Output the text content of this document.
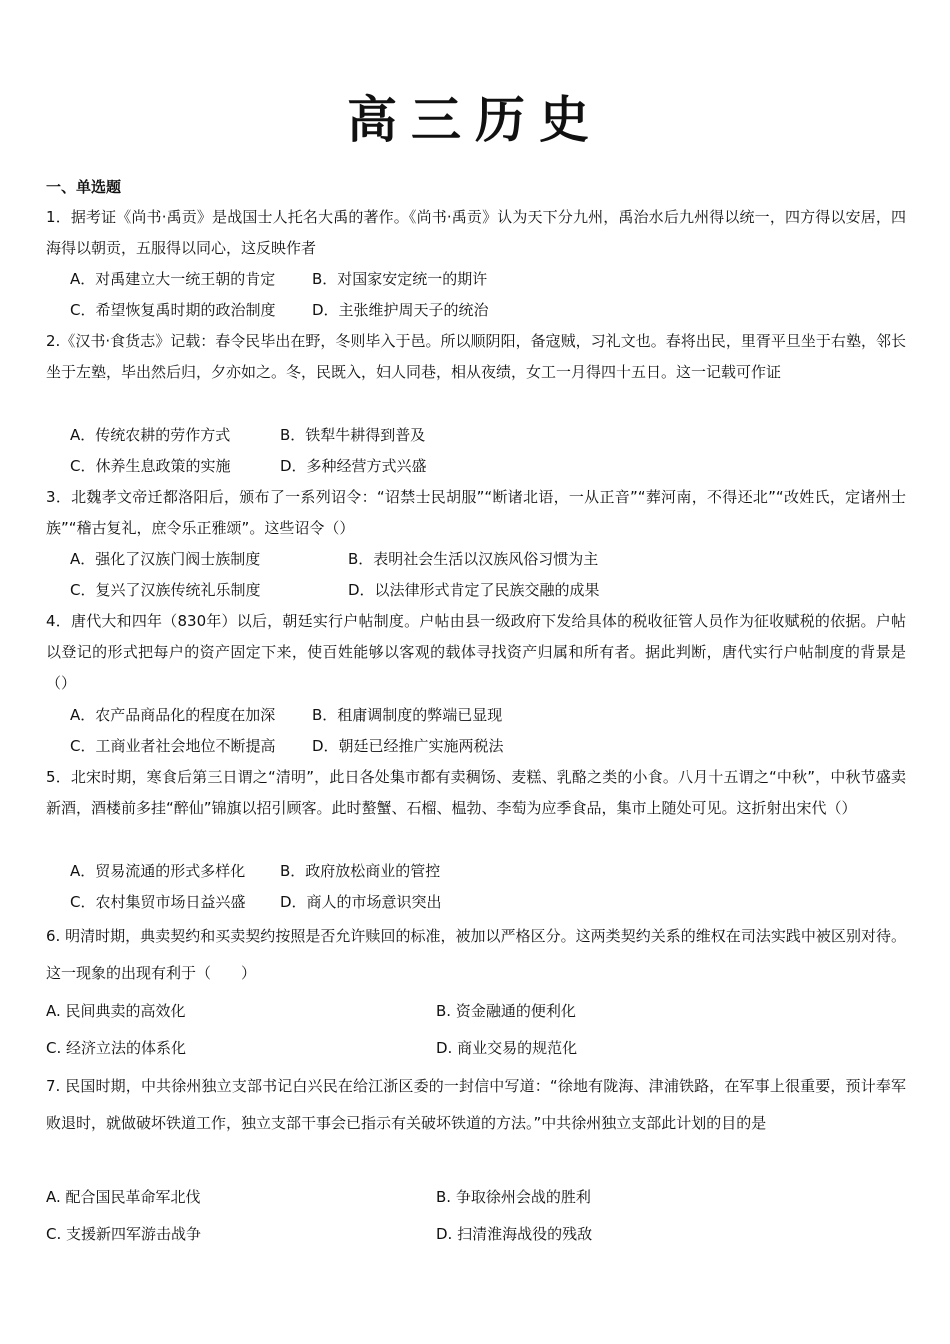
高三历史

一、单选题

1．据考证《尚书·禹贡》是战国士人托名大禹的著作。《尚书·禹贡》认为天下分九州，禹治水后九州得以统一，四方得以安居，四海得以朝贡，五服得以同心，这反映作者

A．对禹建立大一统王朝的肯定 B．对国家安定统一的期许

C．希望恢复禹时期的政治制度 D．主张维护周天子的统治

2.《汉书·食货志》记载：春令民毕出在野，冬则毕入于邑。所以顺阴阳，备寇贼，习礼文也。春将出民，里胥平旦坐于右塾，邻长坐于左塾，毕出然后归，夕亦如之。冬，民既入，妇人同巷，相从夜绩，女工一月得四十五日。这一记载可作证

A．传统农耕的劳作方式	B．铁犁牛耕得到普及

C．休养生息政策的实施	D．多种经营方式兴盛

3．北魏孝文帝迁都洛阳后，颁布了一系列诏令：“诏禁士民胡服”“断诸北语，一从正音”“葬河南，不得还北”“改姓氏，定诸州士族”“稽古复礼，庶令乐正雅颂”。这些诏令（）

A．强化了汉族门阀士族制度	B．表明社会生活以汉族风俗习惯为主

C．复兴了汉族传统礼乐制度	D．以法律形式肯定了民族交融的成果

4．唐代大和四年（830年）以后，朝廷实行户帖制度。户帖由县一级政府下发给具体的税收征管人员作为征收赋税的依据。户帖以登记的形式把每户的资产固定下来，使百姓能够以客观的载体寻找资产归属和所有者。据此判断，唐代实行户帖制度的背景是（）

A．农产品商品化的程度在加深 B．租庸调制度的弊端已显现

C．工商业者社会地位不断提高 D．朝廷已经推广实施两税法

5．北宋时期，寒食后第三日谓之“清明”，此日各处集市都有卖稠饧、麦糕、乳酪之类的小食。八月十五谓之“中秋”，中秋节盛卖新酒，酒楼前多挂“醉仙”锦旗以招引顾客。此时螯蟹、石榴、榅勃、李萄为应季食品，集市上随处可见。这折射出宋代（）

A．贸易流通的形式多样化 B．政府放松商业的管控

C．农村集贸市场日益兴盛 D．商人的市场意识突出

6. 明清时期，典卖契约和买卖契约按照是否允许赎回的标准，被加以严格区分。这两类契约关系的维权在司法实践中被区别对待。这一现象的出现有利于（　　）

A. 民间典卖的高效化	B. 资金融通的便利化

C. 经济立法的体系化	D. 商业交易的规范化

7. 民国时期，中共徐州独立支部书记白兴民在给江浙区委的一封信中写道：“徐地有陇海、津浦铁路，在军事上很重要，预计奉军败退时，就做破坏铁道工作，独立支部干事会已指示有关破坏铁道的方法。”中共徐州独立支部此计划的目的是

A. 配合国民革命军北伐	B. 争取徐州会战的胜利

C. 支援新四军游击战争	D. 扫清淮海战役的残敌
